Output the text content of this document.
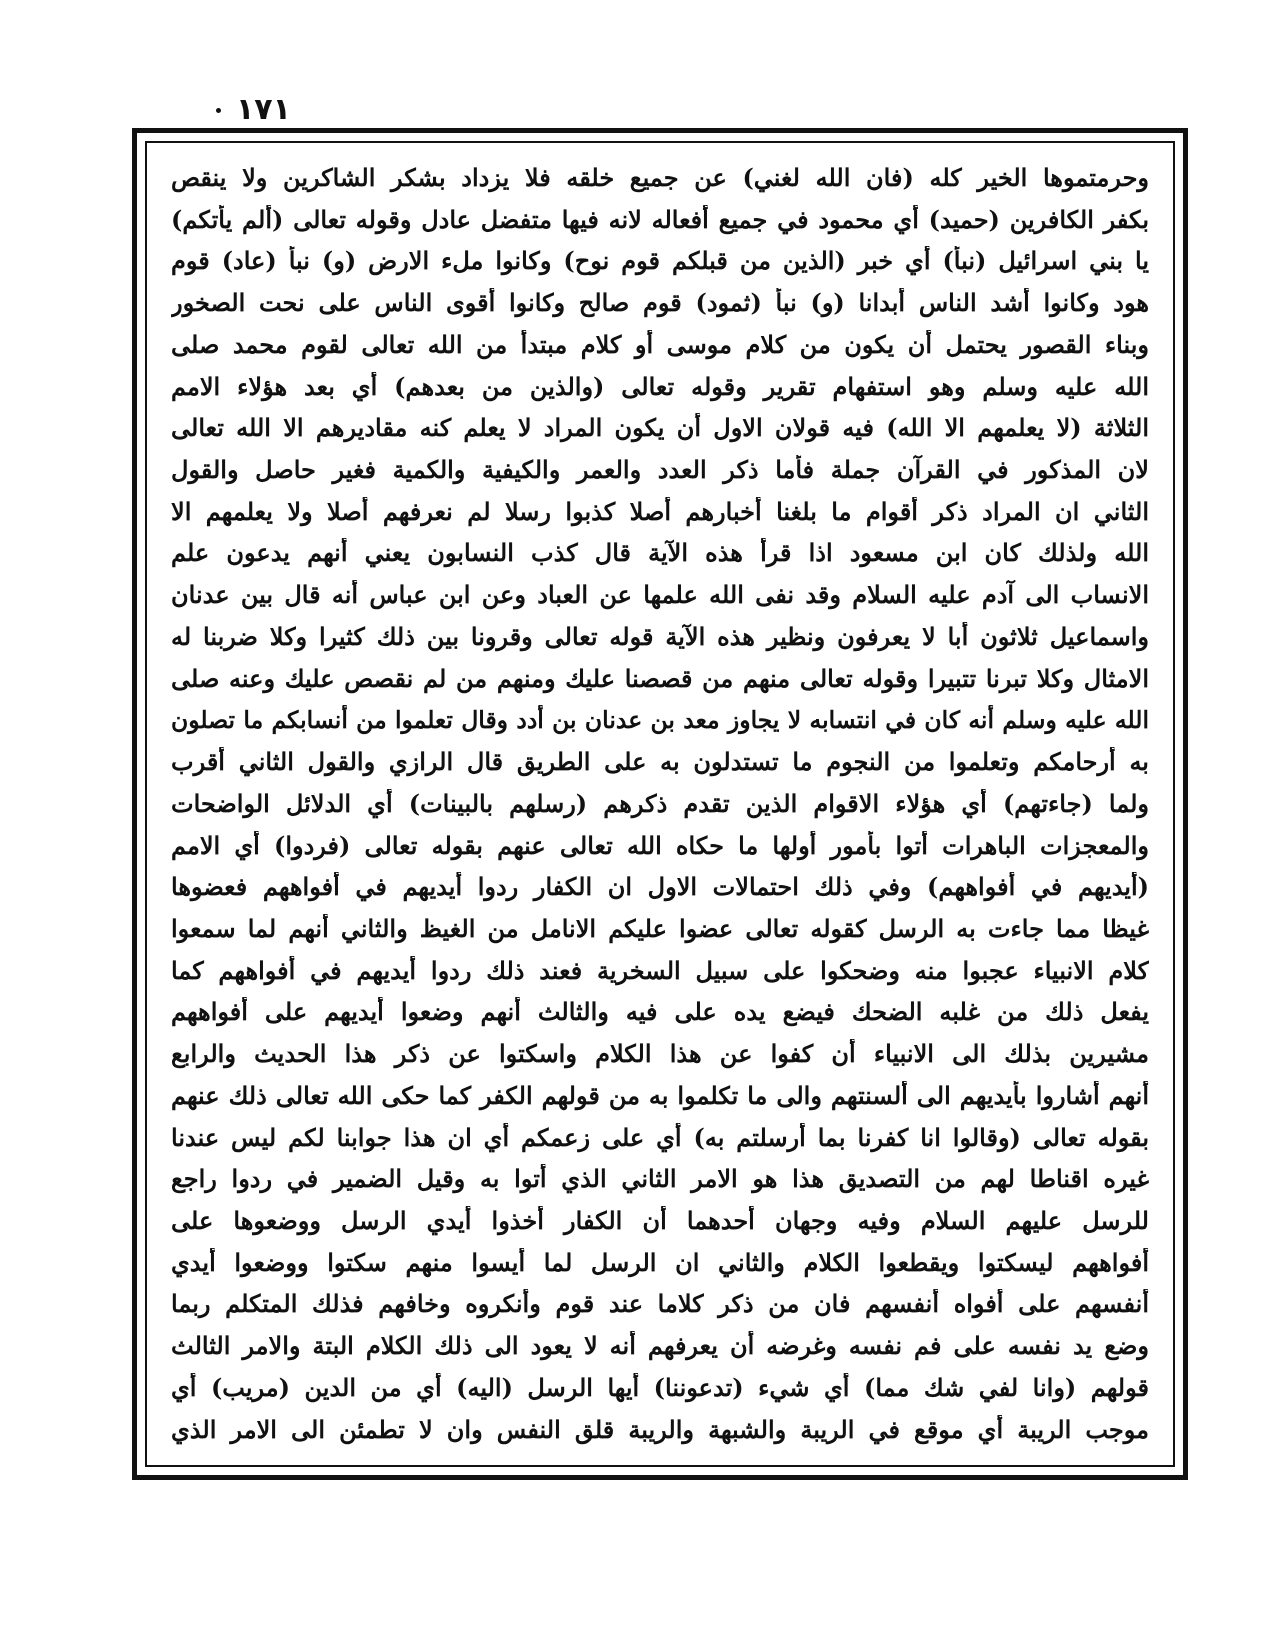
١٧١
وحرمتموها الخير كله (فان الله لغني) عن جميع خلقه فلا يزداد بشكر الشاكرين ولا ينقص
بكفر الكافرين (حميد) أي محمود في جميع أفعاله لانه فيها متفضل عادل وقوله تعالى (ألم يأتكم)
يا بني اسرائيل (نبأ) أي خبر (الذين من قبلكم قوم نوح) وكانوا ملء الارض (و) نبأ (عاد) قوم
هود وكانوا أشد الناس أبدانا (و) نبأ (ثمود) قوم صالح وكانوا أقوى الناس على نحت الصخور
وبناء القصور يحتمل أن يكون من كلام موسى أو كلام مبتدأ من الله تعالى لقوم محمد صلى
الله عليه وسلم وهو استفهام تقرير وقوله تعالى (والذين من بعدهم) أي بعد هؤلاء الامم
الثلاثة (لا يعلمهم الا الله) فيه قولان الاول أن يكون المراد لا يعلم كنه مقاديرهم الا الله تعالى
لان المذكور في القرآن جملة فأما ذكر العدد والعمر والكيفية والكمية فغير حاصل والقول
الثاني ان المراد ذكر أقوام ما بلغنا أخبارهم أصلا كذبوا رسلا لم نعرفهم أصلا ولا يعلمهم الا
الله ولذلك كان ابن مسعود اذا قرأ هذه الآية قال كذب النسابون يعني أنهم يدعون علم
الانساب الى آدم عليه السلام وقد نفى الله علمها عن العباد وعن ابن عباس أنه قال بين عدنان
واسماعيل ثلاثون أبا لا يعرفون ونظير هذه الآية قوله تعالى وقرونا بين ذلك كثيرا وكلا ضربنا له
الامثال وكلا تبرنا تتبيرا وقوله تعالى منهم من قصصنا عليك ومنهم من لم نقصص عليك وعنه صلى
الله عليه وسلم أنه كان في انتسابه لا يجاوز معد بن عدنان بن أدد وقال تعلموا من أنسابكم ما تصلون
به أرحامكم وتعلموا من النجوم ما تستدلون به على الطريق قال الرازي والقول الثاني أقرب
ولما (جاءتهم) أي هؤلاء الاقوام الذين تقدم ذكرهم (رسلهم بالبينات) أي الدلائل الواضحات
والمعجزات الباهرات أتوا بأمور أولها ما حكاه الله تعالى عنهم بقوله تعالى (فردوا) أي الامم
(أيديهم في أفواههم) وفي ذلك احتمالات الاول ان الكفار ردوا أيديهم في أفواههم فعضوها
غيظا مما جاءت به الرسل كقوله تعالى عضوا عليكم الانامل من الغيظ والثاني أنهم لما سمعوا
كلام الانبياء عجبوا منه وضحكوا على سبيل السخرية فعند ذلك ردوا أيديهم في أفواههم كما
يفعل ذلك من غلبه الضحك فيضع يده على فيه والثالث أنهم وضعوا أيديهم على أفواههم
مشيرين بذلك الى الانبياء أن كفوا عن هذا الكلام واسكتوا عن ذكر هذا الحديث والرابع
أنهم أشاروا بأيديهم الى ألسنتهم والى ما تكلموا به من قولهم الكفر كما حكى الله تعالى ذلك عنهم
بقوله تعالى (وقالوا انا كفرنا بما أرسلتم به) أي على زعمكم أي ان هذا جوابنا لكم ليس عندنا
غيره اقناطا لهم من التصديق هذا هو الامر الثاني الذي أتوا به وقيل الضمير في ردوا راجع
للرسل عليهم السلام وفيه وجهان أحدهما أن الكفار أخذوا أيدي الرسل ووضعوها على
أفواههم ليسكتوا ويقطعوا الكلام والثاني ان الرسل لما أيسوا منهم سكتوا ووضعوا أيدي
أنفسهم على أفواه أنفسهم فان من ذكر كلاما عند قوم وأنكروه وخافهم فذلك المتكلم ربما
وضع يد نفسه على فم نفسه وغرضه أن يعرفهم أنه لا يعود الى ذلك الكلام البتة والامر الثالث
قولهم (وانا لفي شك مما) أي شيء (تدعوننا) أيها الرسل (اليه) أي من الدين (مريب) أي
موجب الريبة أي موقع في الريبة والشبهة والريبة قلق النفس وان لا تطمئن الى الامر الذي
